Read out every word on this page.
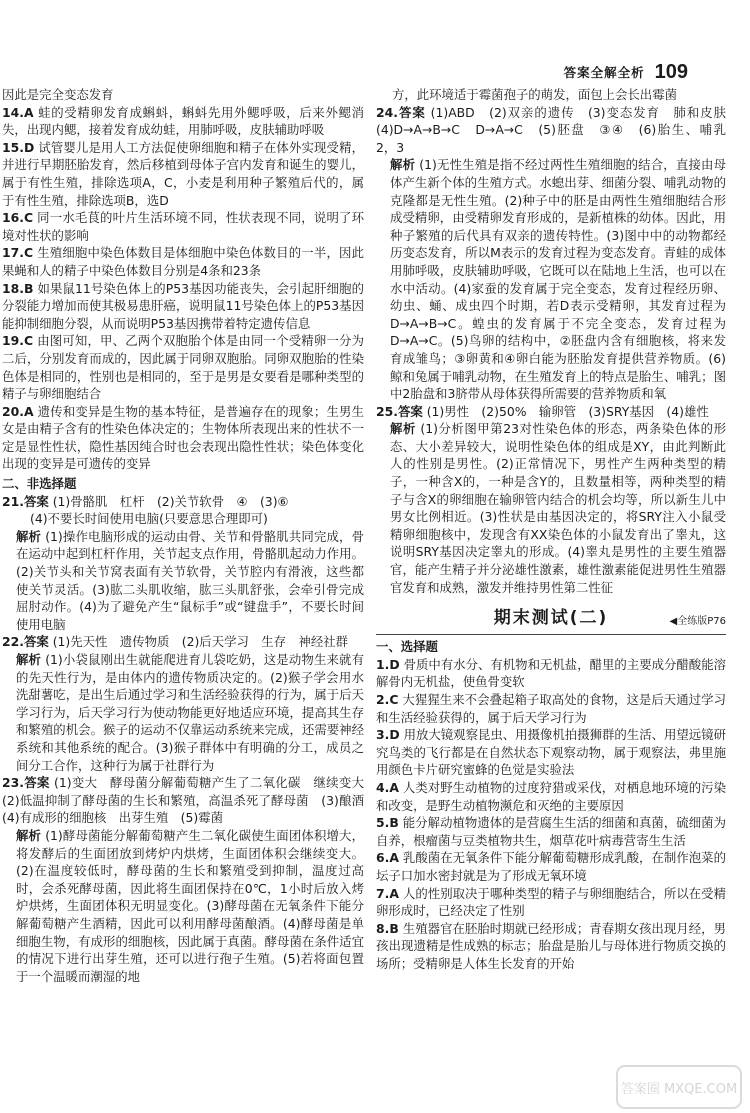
答案全解全析 109
因此是完全变态发育
14.A 蛙的受精卵发育成蝌蚪，蝌蚪先用外鳃呼吸，后来外鳃消失，出现内鳃，接着发育成幼蛙，用肺呼吸，皮肤辅助呼吸
15.D 试管婴儿是用人工方法促使卵细胞和精子在体外实现受精，并进行早期胚胎发育，然后移植到母体子宫内发育和诞生的婴儿，属于有性生殖，排除选项A，C，小麦是利用种子繁殖后代的，属于有性生殖，排除选项B，选D
16.C 同一水毛茛的叶片生活环境不同，性状表现不同，说明了环境对性状的影响
17.C 生殖细胞中染色体数目是体细胞中染色体数目的一半，因此果蝇和人的精子中染色体数目分别是4条和23条
18.B 如果鼠11号染色体上的P53基因功能丧失，会引起肝细胞的分裂能力增加而使其极易患肝癌，说明鼠11号染色体上的P53基因能抑制细胞分裂，从而说明P53基因携带着特定遗传信息
19.C 由图可知，甲、乙两个双胞胎个体是由同一个受精卵一分为二后，分别发育而成的，因此属于同卵双胞胎。同卵双胞胎的性染色体是相同的，性别也是相同的，至于是男是女要看是哪种类型的精子与卵细胞结合
20.A 遗传和变异是生物的基本特征，是普遍存在的现象；生男生女是由精子含有的性染色体决定的；生物体所表现出来的性状不一定是显性性状，隐性基因纯合时也会表现出隐性性状；染色体变化出现的变异是可遗传的变异
二、非选择题
21.答案 (1)骨骼肌　杠杆　(2)关节软骨　④　(3)⑥
(4)不要长时间使用电脑(只要意思合理即可)
解析 (1)操作电脑形成的运动由骨、关节和骨骼肌共同完成，骨在运动中起到杠杆作用，关节起支点作用，骨骼肌起动力作用。(2)关节头和关节窝表面有关节软骨，关节腔内有滑液，这些都使关节灵活。(3)肱二头肌收缩，肱三头肌舒张，会牵引骨完成屈肘动作。(4)为了避免产生“鼠标手”或“键盘手”，不要长时间使用电脑
22.答案 (1)先天性　遗传物质　(2)后天学习　生存　神经社群
解析 (1)小袋鼠刚出生就能爬进育儿袋吃奶，这是动物生来就有的先天性行为，是由体内的遗传物质决定的。(2)猴子学会用水洗甜薯吃，是出生后通过学习和生活经验获得的行为，属于后天学习行为，后天学习行为使动物能更好地适应环境，提高其生存和繁殖的机会。猴子的运动不仅靠运动系统来完成，还需要神经系统和其他系统的配合。(3)猴子群体中有明确的分工，成员之间分工合作，这种行为属于社群行为
23.答案 (1)变大　酵母菌分解葡萄糖产生了二氧化碳　继续变大　(2)低温抑制了酵母菌的生长和繁殖，高温杀死了酵母菌　(3)酿酒　(4)有成形的细胞核　出芽生殖　(5)霉菌
解析 (1)酵母菌能分解葡萄糖产生二氧化碳使生面团体积增大，将发酵后的生面团放到烤炉内烘烤，生面团体积会继续变大。(2)在温度较低时，酵母菌的生长和繁殖受到抑制，温度过高时，会杀死酵母菌，因此将生面团保持在0℃，1小时后放入烤炉烘烤，生面团体积无明显变化。(3)酵母菌在无氧条件下能分解葡萄糖产生酒精，因此可以利用酵母菌酿酒。(4)酵母菌是单细胞生物，有成形的细胞核，因此属于真菌。酵母菌在条件适宜的情况下进行出芽生殖，还可以进行孢子生殖。(5)若将面包置于一个温暖而潮湿的地
方，此环境适于霉菌孢子的萌发，面包上会长出霉菌
24.答案 (1)ABD　(2)双亲的遗传　(3)变态发育　肺和皮肤　(4)D→A→B→C　D→A→C　(5)胚盘　③④　(6)胎生、哺乳　2，3
解析 (1)无性生殖是指不经过两性生殖细胞的结合，直接由母体产生新个体的生殖方式。水螅出芽、细菌分裂、哺乳动物的克隆都是无性生殖。(2)种子中的胚是由两性生殖细胞结合形成受精卵，由受精卵发育形成的，是新植株的幼体。因此，用种子繁殖的后代具有双亲的遗传特性。(3)图中中的动物都经历变态发育，所以M表示的发育过程为变态发育。青蛙的成体用肺呼吸，皮肤辅助呼吸，它既可以在陆地上生活，也可以在水中活动。(4)家蚕的发育属于完全变态，发育过程经历卵、幼虫、蛹、成虫四个时期，若D表示受精卵，其发育过程为D→A→B→C。蝗虫的发育属于不完全变态，发育过程为D→A→C。(5)鸟卵的结构中，②胚盘内含有细胞核，将来发育成雏鸟；③卵黄和④卵白能为胚胎发育提供营养物质。(6)鲸和兔属于哺乳动物，在生殖发育上的特点是胎生、哺乳；图中2胎盘和3脐带从母体获得所需要的营养物质和氧
25.答案 (1)男性　(2)50%　输卵管　(3)SRY基因　(4)雄性
解析 (1)分析图甲第23对性染色体的形态，两条染色体的形态、大小差异较大，说明性染色体的组成是XY，由此判断此人的性别是男性。(2)正常情况下，男性产生两种类型的精子，一种含X的，一种是含Y的，且数量相等，两种类型的精子与含X的卵细胞在输卵管内结合的机会均等，所以新生儿中男女比例相近。(3)性状是由基因决定的，将SRY注入小鼠受精卵细胞核中，发现含有XX染色体的小鼠发育出了睾丸，这说明SRY基因决定睾丸的形成。(4)睾丸是男性的主要生殖器官，能产生精子并分泌雄性激素，雄性激素能促进男性生殖器官发育和成熟，激发并维持男性第二性征
期末测试(二)	◀全练版P76
一、选择题
1.D 骨质中有水分、有机物和无机盐，醋里的主要成分醋酸能溶解骨内无机盐，使鱼骨变软
2.C 大猩猩生来不会叠起箱子取高处的食物，这是后天通过学习和生活经验获得的，属于后天学习行为
3.D 用放大镜观察昆虫、用摄像机拍摄狮群的生活、用望远镜研究鸟类的飞行都是在自然状态下观察动物，属于观察法，弗里施用颜色卡片研究蜜蜂的色觉是实验法
4.A 人类对野生动植物的过度狩猎或采伐，对栖息地环境的污染和改变，是野生动植物濒危和灭绝的主要原因
5.B 能分解动植物遗体的是营腐生生活的细菌和真菌，硫细菌为自养，根瘤菌与豆类植物共生，烟草花叶病毒营寄生生活
6.A 乳酸菌在无氧条件下能分解葡萄糖形成乳酸，在制作泡菜的坛子口加水密封就是为了形成无氧环境
7.A 人的性别取决于哪种类型的精子与卵细胞结合，所以在受精卵形成时，已经决定了性别
8.B 生殖器官在胚胎时期就已经形成；青春期女孩出现月经，男孩出现遗精是性成熟的标志；胎盘是胎儿与母体进行物质交换的场所；受精卵是人体生长发育的开始
答案圈 MXQE.COM
